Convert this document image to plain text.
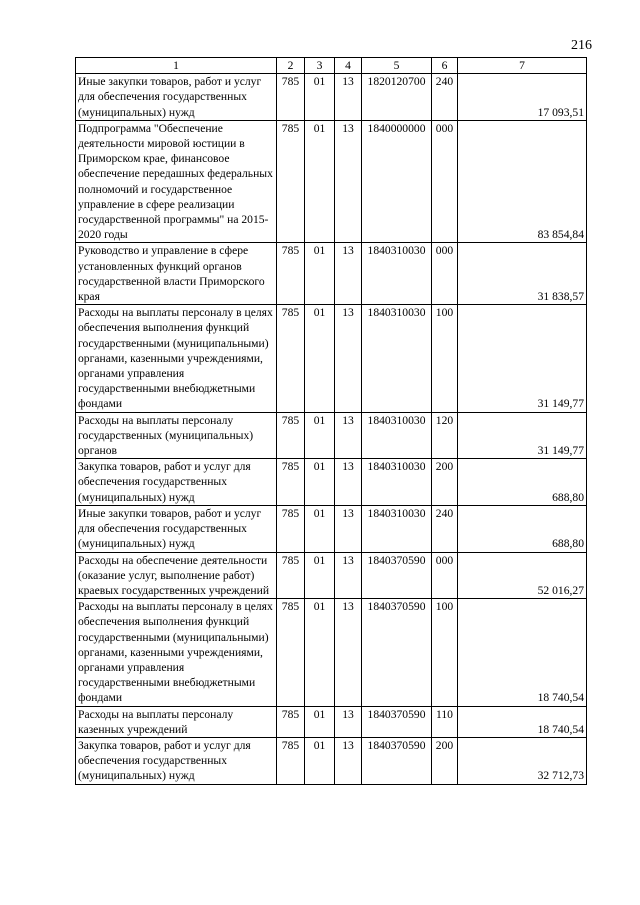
216
1	2	3	4	5	6	7
Иные закупки товаров, работ и услуг для обеспечения государственных (муниципальных) нужд	785	01	13	1820120700	240	17 093,51
Подпрограмма "Обеспечение деятельности мировой юстиции в Приморском крае, финансовое обеспечение передашных федеральных полномочий и государственное управление в сфере реализации государственной программы" на 2015-2020 годы	785	01	13	1840000000	000	83 854,84
Руководство и управление в сфере установленных функций органов государственной власти Приморского края	785	01	13	1840310030	000	31 838,57
Расходы на выплаты персоналу в целях обеспечения выполнения функций государственными (муниципальными) органами, казенными учреждениями, органами управления государственными внебюджетными фондами	785	01	13	1840310030	100	31 149,77
Расходы на выплаты персоналу государственных (муниципальных) органов	785	01	13	1840310030	120	31 149,77
Закупка товаров, работ и услуг для обеспечения государственных (муниципальных) нужд	785	01	13	1840310030	200	688,80
Иные закупки товаров, работ и услуг для обеспечения государственных (муниципальных) нужд	785	01	13	1840310030	240	688,80
Расходы на обеспечение деятельности (оказание услуг, выполнение работ) краевых государственных учреждений	785	01	13	1840370590	000	52 016,27
Расходы на выплаты персоналу в целях обеспечения выполнения функций государственными (муниципальными) органами, казенными учреждениями, органами управления государственными внебюджетными фондами	785	01	13	1840370590	100	18 740,54
Расходы на выплаты персоналу казенных учреждений	785	01	13	1840370590	110	18 740,54
Закупка товаров, работ и услуг для обеспечения государственных (муниципальных) нужд	785	01	13	1840370590	200	32 712,73
